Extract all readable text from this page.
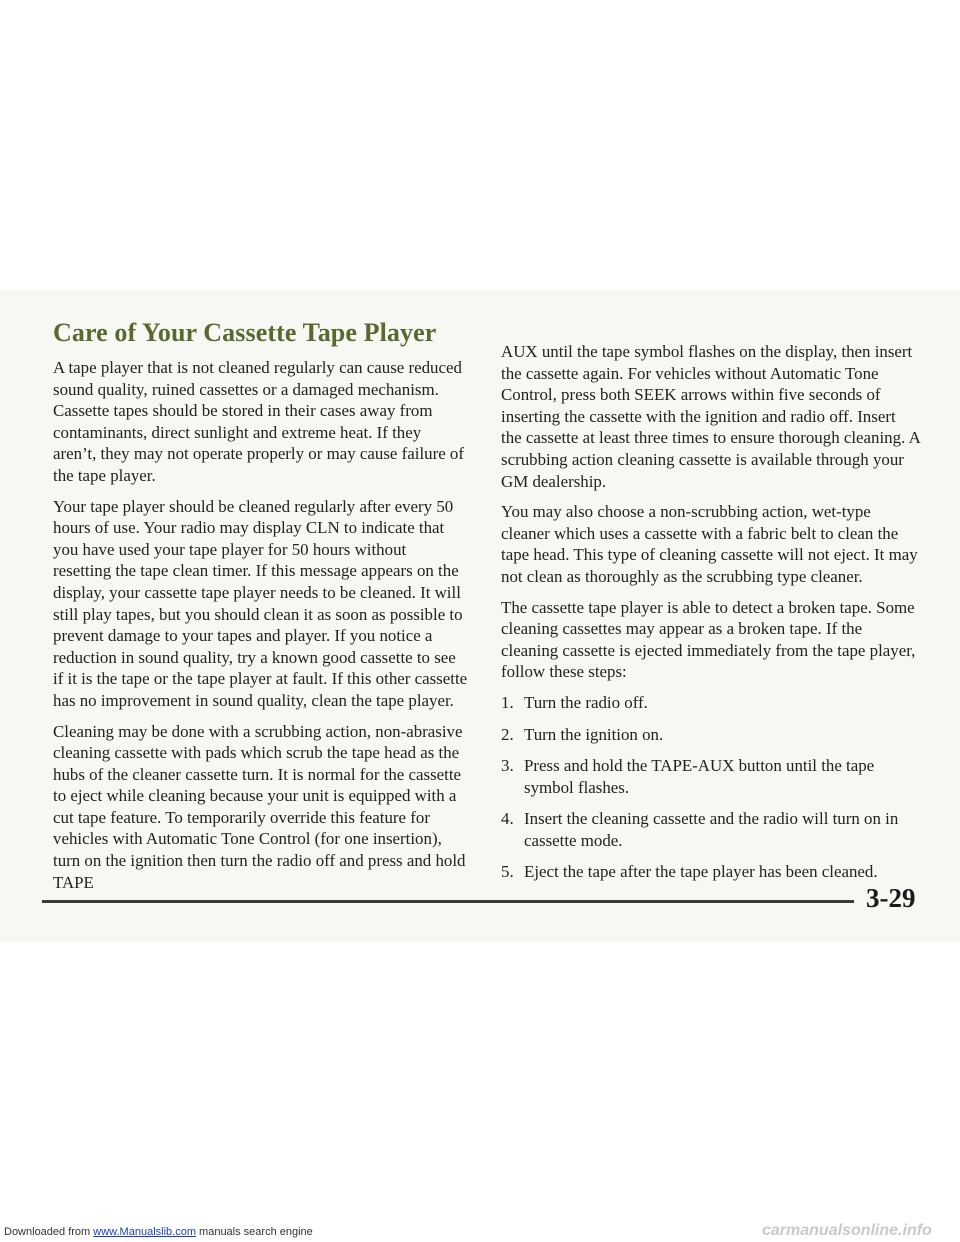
Care of Your Cassette Tape Player

A tape player that is not cleaned regularly can cause reduced sound quality, ruined cassettes or a damaged mechanism. Cassette tapes should be stored in their cases away from contaminants, direct sunlight and extreme heat. If they aren’t, they may not operate properly or may cause failure of the tape player.

Your tape player should be cleaned regularly after every 50 hours of use. Your radio may display CLN to indicate that you have used your tape player for 50 hours without resetting the tape clean timer. If this message appears on the display, your cassette tape player needs to be cleaned. It will still play tapes, but you should clean it as soon as possible to prevent damage to your tapes and player. If you notice a reduction in sound quality, try a known good cassette to see if it is the tape or the tape player at fault. If this other cassette has no improvement in sound quality, clean the tape player.

Cleaning may be done with a scrubbing action, non-abrasive cleaning cassette with pads which scrub the tape head as the hubs of the cleaner cassette turn. It is normal for the cassette to eject while cleaning because your unit is equipped with a cut tape feature. To temporarily override this feature for vehicles with Automatic Tone Control (for one insertion), turn on the ignition then turn the radio off and press and hold TAPE

AUX until the tape symbol flashes on the display, then insert the cassette again. For vehicles without Automatic Tone Control, press both SEEK arrows within five seconds of inserting the cassette with the ignition and radio off. Insert the cassette at least three times to ensure thorough cleaning. A scrubbing action cleaning cassette is available through your GM dealership.

You may also choose a non-scrubbing action, wet-type cleaner which uses a cassette with a fabric belt to clean the tape head. This type of cleaning cassette will not eject. It may not clean as thoroughly as the scrubbing type cleaner.

The cassette tape player is able to detect a broken tape. Some cleaning cassettes may appear as a broken tape. If the cleaning cassette is ejected immediately from the tape player, follow these steps:

1. Turn the radio off.
2. Turn the ignition on.
3. Press and hold the TAPE-AUX button until the tape symbol flashes.
4. Insert the cleaning cassette and the radio will turn on in cassette mode.
5. Eject the tape after the tape player has been cleaned.
3-29
Downloaded from www.Manualslib.com manuals search engine	carmanualsonline.info
